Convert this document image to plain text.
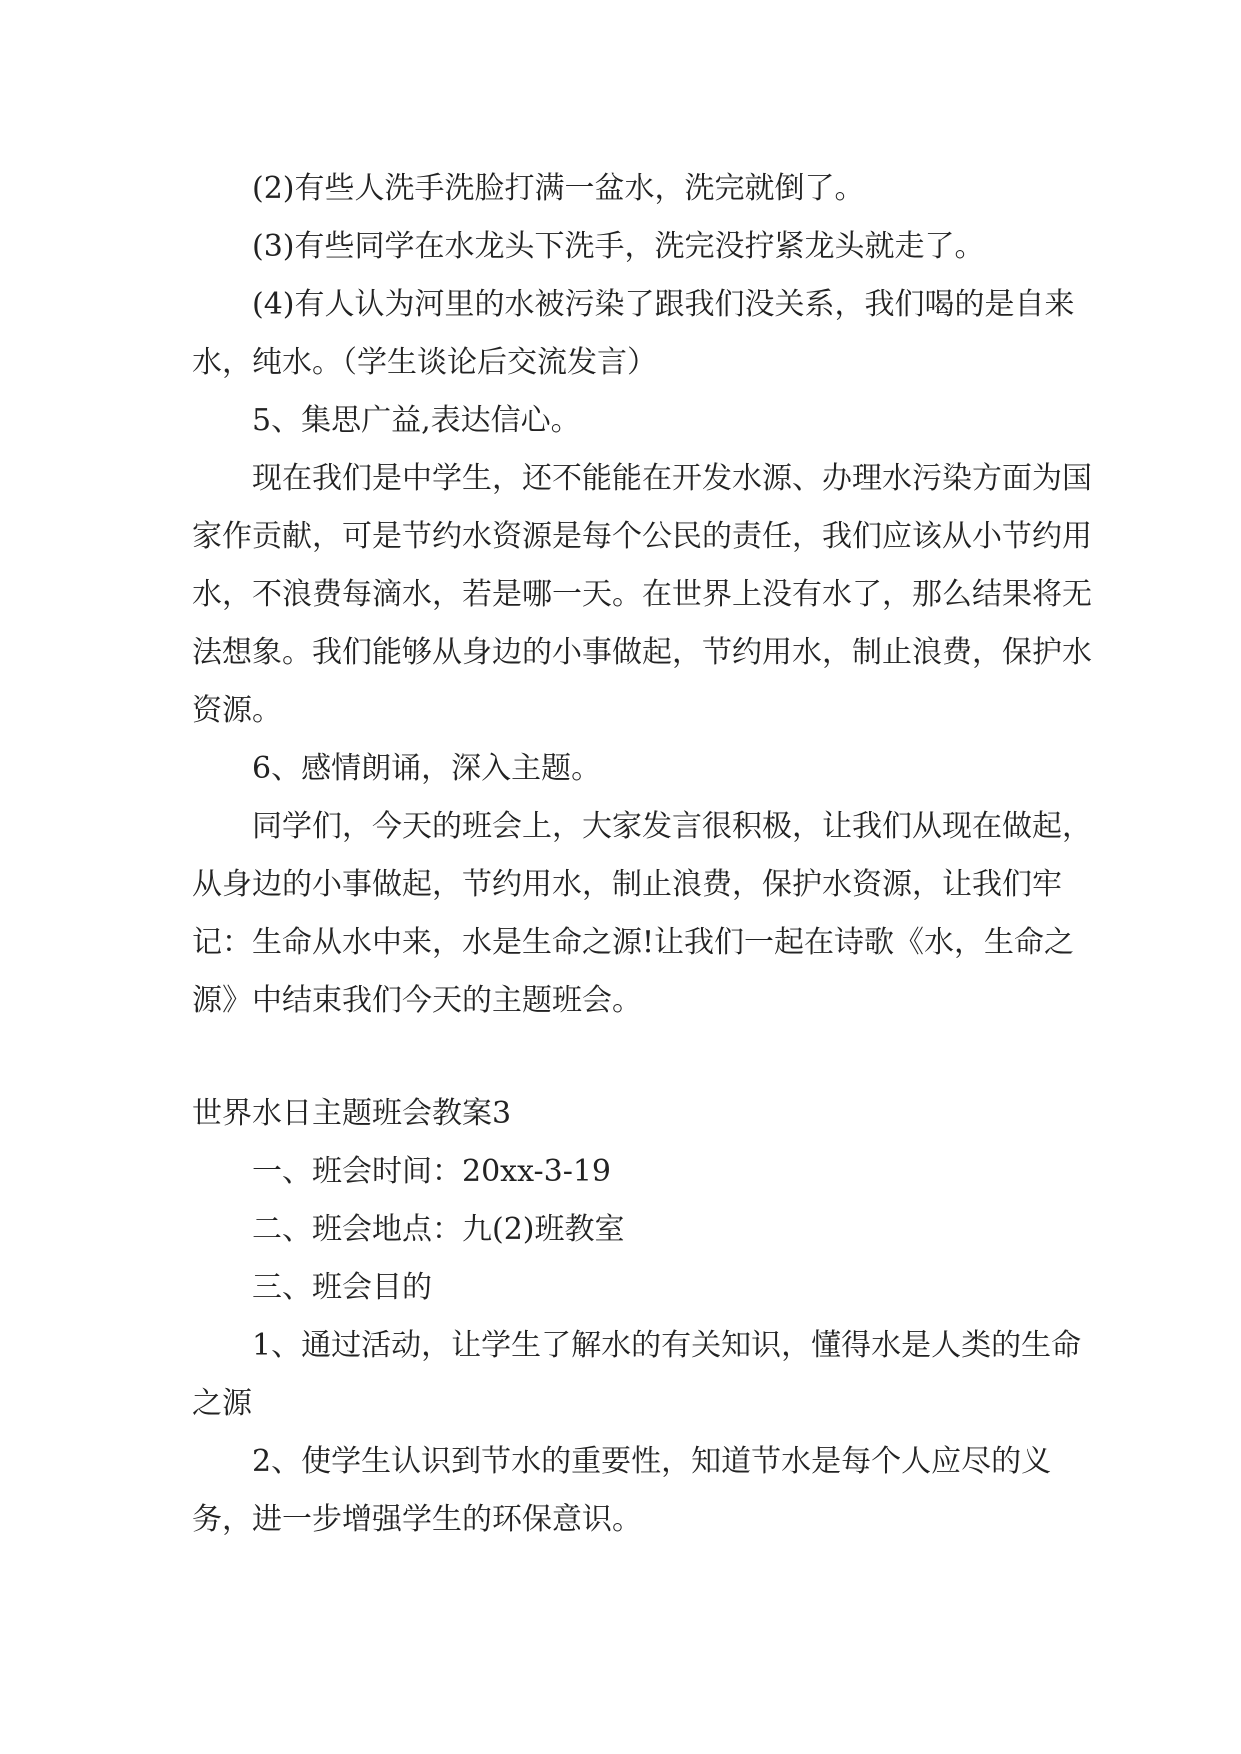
(2)有些人洗手洗脸打满一盆水，洗完就倒了。

(3)有些同学在水龙头下洗手，洗完没拧紧龙头就走了。

(4)有人认为河里的水被污染了跟我们没关系，我们喝的是自来水，纯水。（学生谈论后交流发言）

5、集思广益,表达信心。

现在我们是中学生，还不能能在开发水源、办理水污染方面为国家作贡献，可是节约水资源是每个公民的责任，我们应该从小节约用水，不浪费每滴水，若是哪一天。在世界上没有水了，那么结果将无法想象。我们能够从身边的小事做起，节约用水，制止浪费，保护水资源。

6、感情朗诵，深入主题。

同学们，今天的班会上，大家发言很积极，让我们从现在做起，从身边的小事做起，节约用水，制止浪费，保护水资源，让我们牢记：生命从水中来，水是生命之源!让我们一起在诗歌《水，生命之源》中结束我们今天的主题班会。

世界水日主题班会教案3

一、班会时间：20xx-3-19

二、班会地点：九(2)班教室

三、班会目的

1、通过活动，让学生了解水的有关知识，懂得水是人类的生命之源

2、使学生认识到节水的重要性，知道节水是每个人应尽的义务，进一步增强学生的环保意识。
